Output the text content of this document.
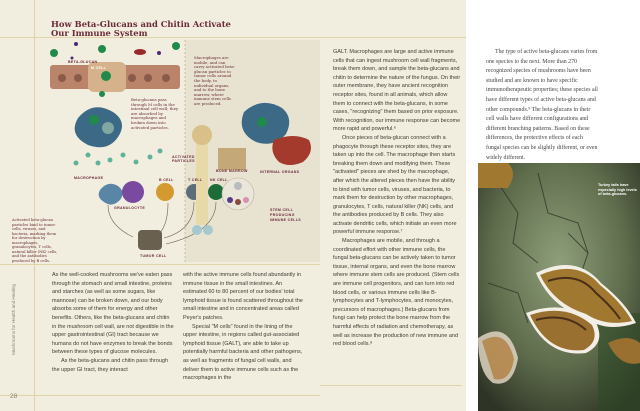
How Beta-Glucans and Chitin Activate
Our Immune System
BETA-GLUCAN
M CELL
ACTIVATED PARTICLES
MACROPHAGE
GRANULOCYTE
B CELL	T CELL NK CELL
TUMOR CELL
BONE MARROW	INTERNAL ORGANS
STEM CELL PRODUCING IMMUNE CELLS
Beta-glucans pass through M cells in the intestinal cell wall; they are absorbed by macrophages and broken down into activated particles.
Macrophages are mobile, and can carry activated beta-glucan particles to tumor cells around the body, to individual organs, and to the bone marrow, where immune stem cells are produced.
Activated beta-glucan particles bind to tumor cells, viruses, and bacteria, marking them for destruction by macrophages, granulocytes, T cells, natural killer (NK) cells, and the antibodies produced by B cells.

As the well-cooked mushrooms we've eaten pass through the stomach and small intestine, proteins and starches (as well as some sugars, like mannose) can be broken down, and our body absorbs some of them for energy and other benefits. Others, like the beta-glucans and chitin in the mushroom cell wall, are not digestible in the upper gastrointestinal (GI) tract because we humans do not have enzymes to break the bonds between these types of glucose molecules.

As the beta-glucans and chitin pass through the upper GI tract, they interact

with the active immune cells found abundantly in immune tissue in the small intestines. An estimated 60 to 80 percent of our bodies' total lymphoid tissue is found scattered throughout the small intestine and in concentrated areas called Peyer's patches.

Special "M cells" found in the lining of the upper intestine, in regions called gut-associated lymphoid tissue (GALT), are able to take up potentially harmful bacteria and other pathogens, as well as fragments of fungal cell walls, and deliver them to active immune cells such as the macrophages in the

GALT. Macrophages are large and active immune cells that can ingest mushroom cell wall fragments, break them down, and sample the beta-glucans and chitin to determine the nature of the fungus. On their outer membrane, they have ancient recognition receptor sites, found in all animals, which allow them to connect with the beta-glucans, in some cases, "recognizing" them based on prior exposure. With recognition, our immune response can become more rapid and powerful.⁶

Once pieces of beta-glucan connect with a phagocyte through these receptor sites, they are taken up into the cell. The macrophage then starts breaking them down and modifying them. These "activated" pieces are shed by the macrophage, after which the altered pieces then have the ability to bind with tumor cells, viruses, and bacteria, to mark them for destruction by other macrophages, granulocytes, T cells, natural killer (NK) cells, and the antibodies produced by B cells. They also activate dendritic cells, which initiate an even more powerful immune response.⁷

Macrophages are mobile, and through a coordinated effort with other immune cells, the fungal beta-glucans can be actively taken to tumor tissue, internal organs, and even the bone marrow where immune stem cells are produced. (Stem cells are immune cell progenitors, and can turn into red blood cells, or various immune cells like B-lymphocytes and T-lymphocytes, and monocytes, precursors of macrophages.) Beta-glucans from fungi can help protect the bone marrow from the harmful effects of radiation and chemotherapy, as well as increase the production of new immune and red blood cells.⁸

Mushrooms for Health and Healing
28

The type of active beta-glucans varies from one species to the next. More than 270 recognized species of mushrooms have been studied and are known to have specific immunotherapeutic properties; these species all have different types of active beta-glucans and other compounds.⁹ The beta-glucans in their cell walls have different configurations and different branching patterns. Based on these differences, the protective effects of each fungal species can be slightly different, or even widely different.

Turkey tails have especially high levels of beta-glucans.
